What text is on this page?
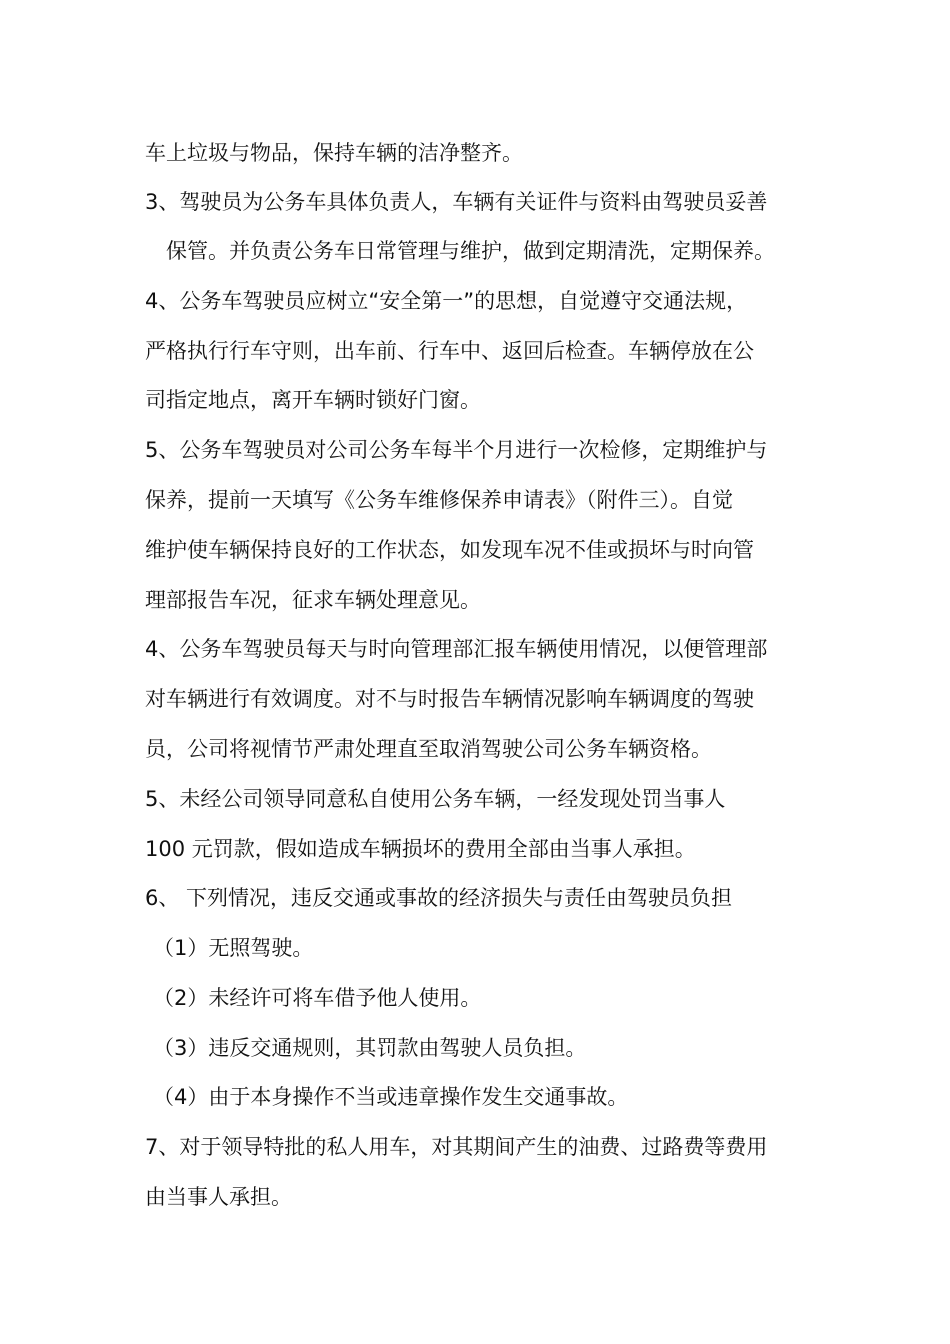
车上垃圾与物品，保持车辆的洁净整齐。
3、驾驶员为公务车具体负责人，车辆有关证件与资料由驾驶员妥善
保管。并负责公务车日常管理与维护，做到定期清洗，定期保养。
4、公务车驾驶员应树立“安全第一”的思想，自觉遵守交通法规，
严格执行行车守则，出车前、行车中、返回后检查。车辆停放在公
司指定地点，离开车辆时锁好门窗。
5、公务车驾驶员对公司公务车每半个月进行一次检修，定期维护与
保养，提前一天填写《公务车维修保养申请表》（附件三）。自觉
维护使车辆保持良好的工作状态，如发现车况不佳或损坏与时向管
理部报告车况，征求车辆处理意见。
4、公务车驾驶员每天与时向管理部汇报车辆使用情况，以便管理部
对车辆进行有效调度。对不与时报告车辆情况影响车辆调度的驾驶
员，公司将视情节严肃处理直至取消驾驶公司公务车辆资格。
5、未经公司领导同意私自使用公务车辆，一经发现处罚当事人
100 元罚款，假如造成车辆损坏的费用全部由当事人承担。
6、 下列情况，违反交通或事故的经济损失与责任由驾驶员负担
（1）无照驾驶。
（2）未经许可将车借予他人使用。
（3）违反交通规则，其罚款由驾驶人员负担。
（4）由于本身操作不当或违章操作发生交通事故。
7、对于领导特批的私人用车，对其期间产生的油费、过路费等费用
由当事人承担。
